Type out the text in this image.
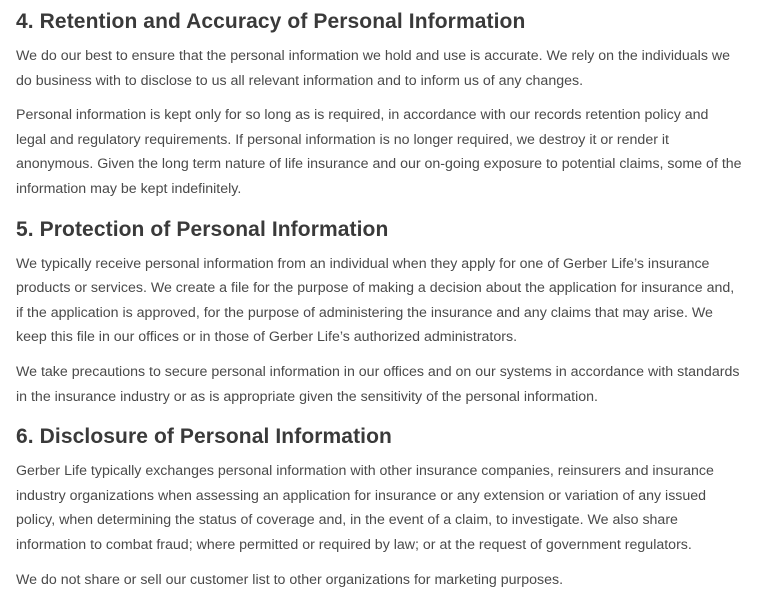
4. Retention and Accuracy of Personal Information

We do our best to ensure that the personal information we hold and use is accurate. We rely on the individuals we do business with to disclose to us all relevant information and to inform us of any changes.

Personal information is kept only for so long as is required, in accordance with our records retention policy and legal and regulatory requirements. If personal information is no longer required, we destroy it or render it anonymous. Given the long term nature of life insurance and our on-going exposure to potential claims, some of the information may be kept indefinitely.

5. Protection of Personal Information

We typically receive personal information from an individual when they apply for one of Gerber Life’s insurance products or services. We create a file for the purpose of making a decision about the application for insurance and, if the application is approved, for the purpose of administering the insurance and any claims that may arise. We keep this file in our offices or in those of Gerber Life’s authorized administrators.

We take precautions to secure personal information in our offices and on our systems in accordance with standards in the insurance industry or as is appropriate given the sensitivity of the personal information.

6. Disclosure of Personal Information

Gerber Life typically exchanges personal information with other insurance companies, reinsurers and insurance industry organizations when assessing an application for insurance or any extension or variation of any issued policy, when determining the status of coverage and, in the event of a claim, to investigate. We also share information to combat fraud; where permitted or required by law; or at the request of government regulators.

We do not share or sell our customer list to other organizations for marketing purposes.
